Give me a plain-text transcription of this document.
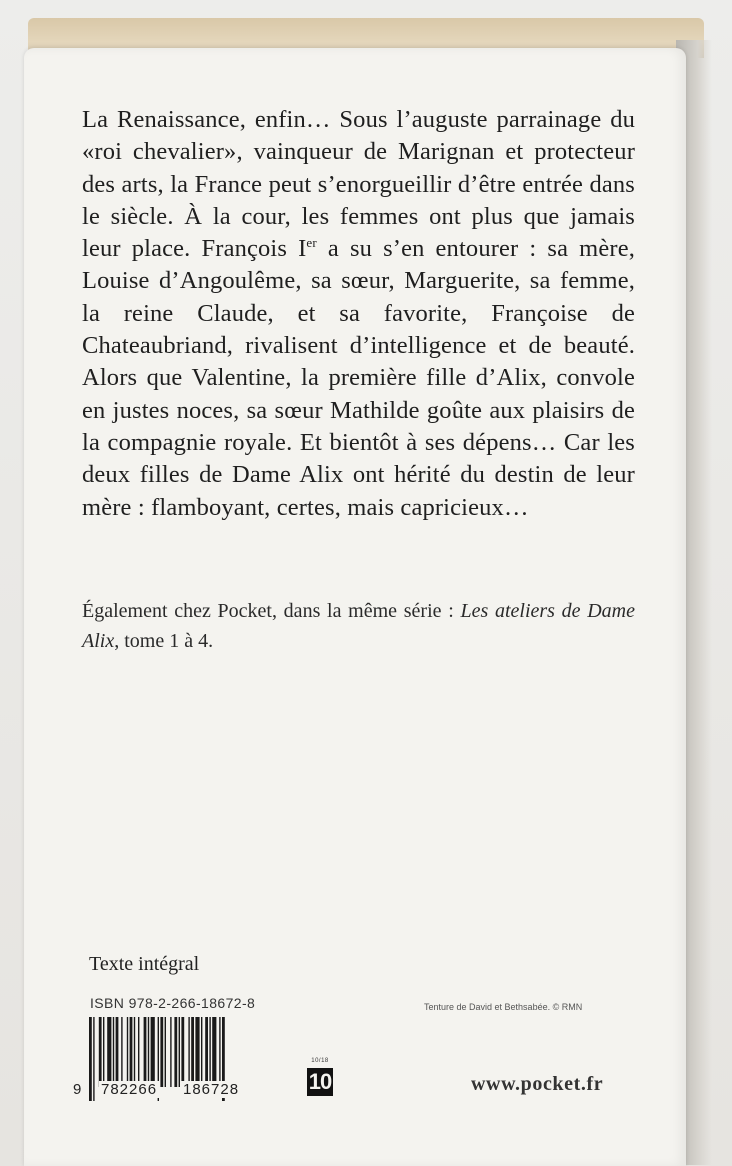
La Renaissance, enfin… Sous l’auguste parrainage du «roi chevalier», vainqueur de Marignan et protecteur des arts, la France peut s’enorgueillir d’être entrée dans le siècle. À la cour, les femmes ont plus que jamais leur place. François Ier a su s’en entourer : sa mère, Louise d’Angoulême, sa sœur, Marguerite, sa femme, la reine Claude, et sa favorite, Françoise de Chateaubriand, rivalisent d’intelligence et de beauté. Alors que Valentine, la première fille d’Alix, convole en justes noces, sa sœur Mathilde goûte aux plaisirs de la compagnie royale. Et bientôt à ses dépens… Car les deux filles de Dame Alix ont hérité du destin de leur mère : flamboyant, certes, mais capricieux…

Également chez Pocket, dans la même série : Les ateliers de Dame Alix, tome 1 à 4.

Texte intégral

ISBN 978-2-266-18672-8	Tenture de David et Bethsabée. © RMN
9 782266 186728
10/18
10	www.pocket.fr
